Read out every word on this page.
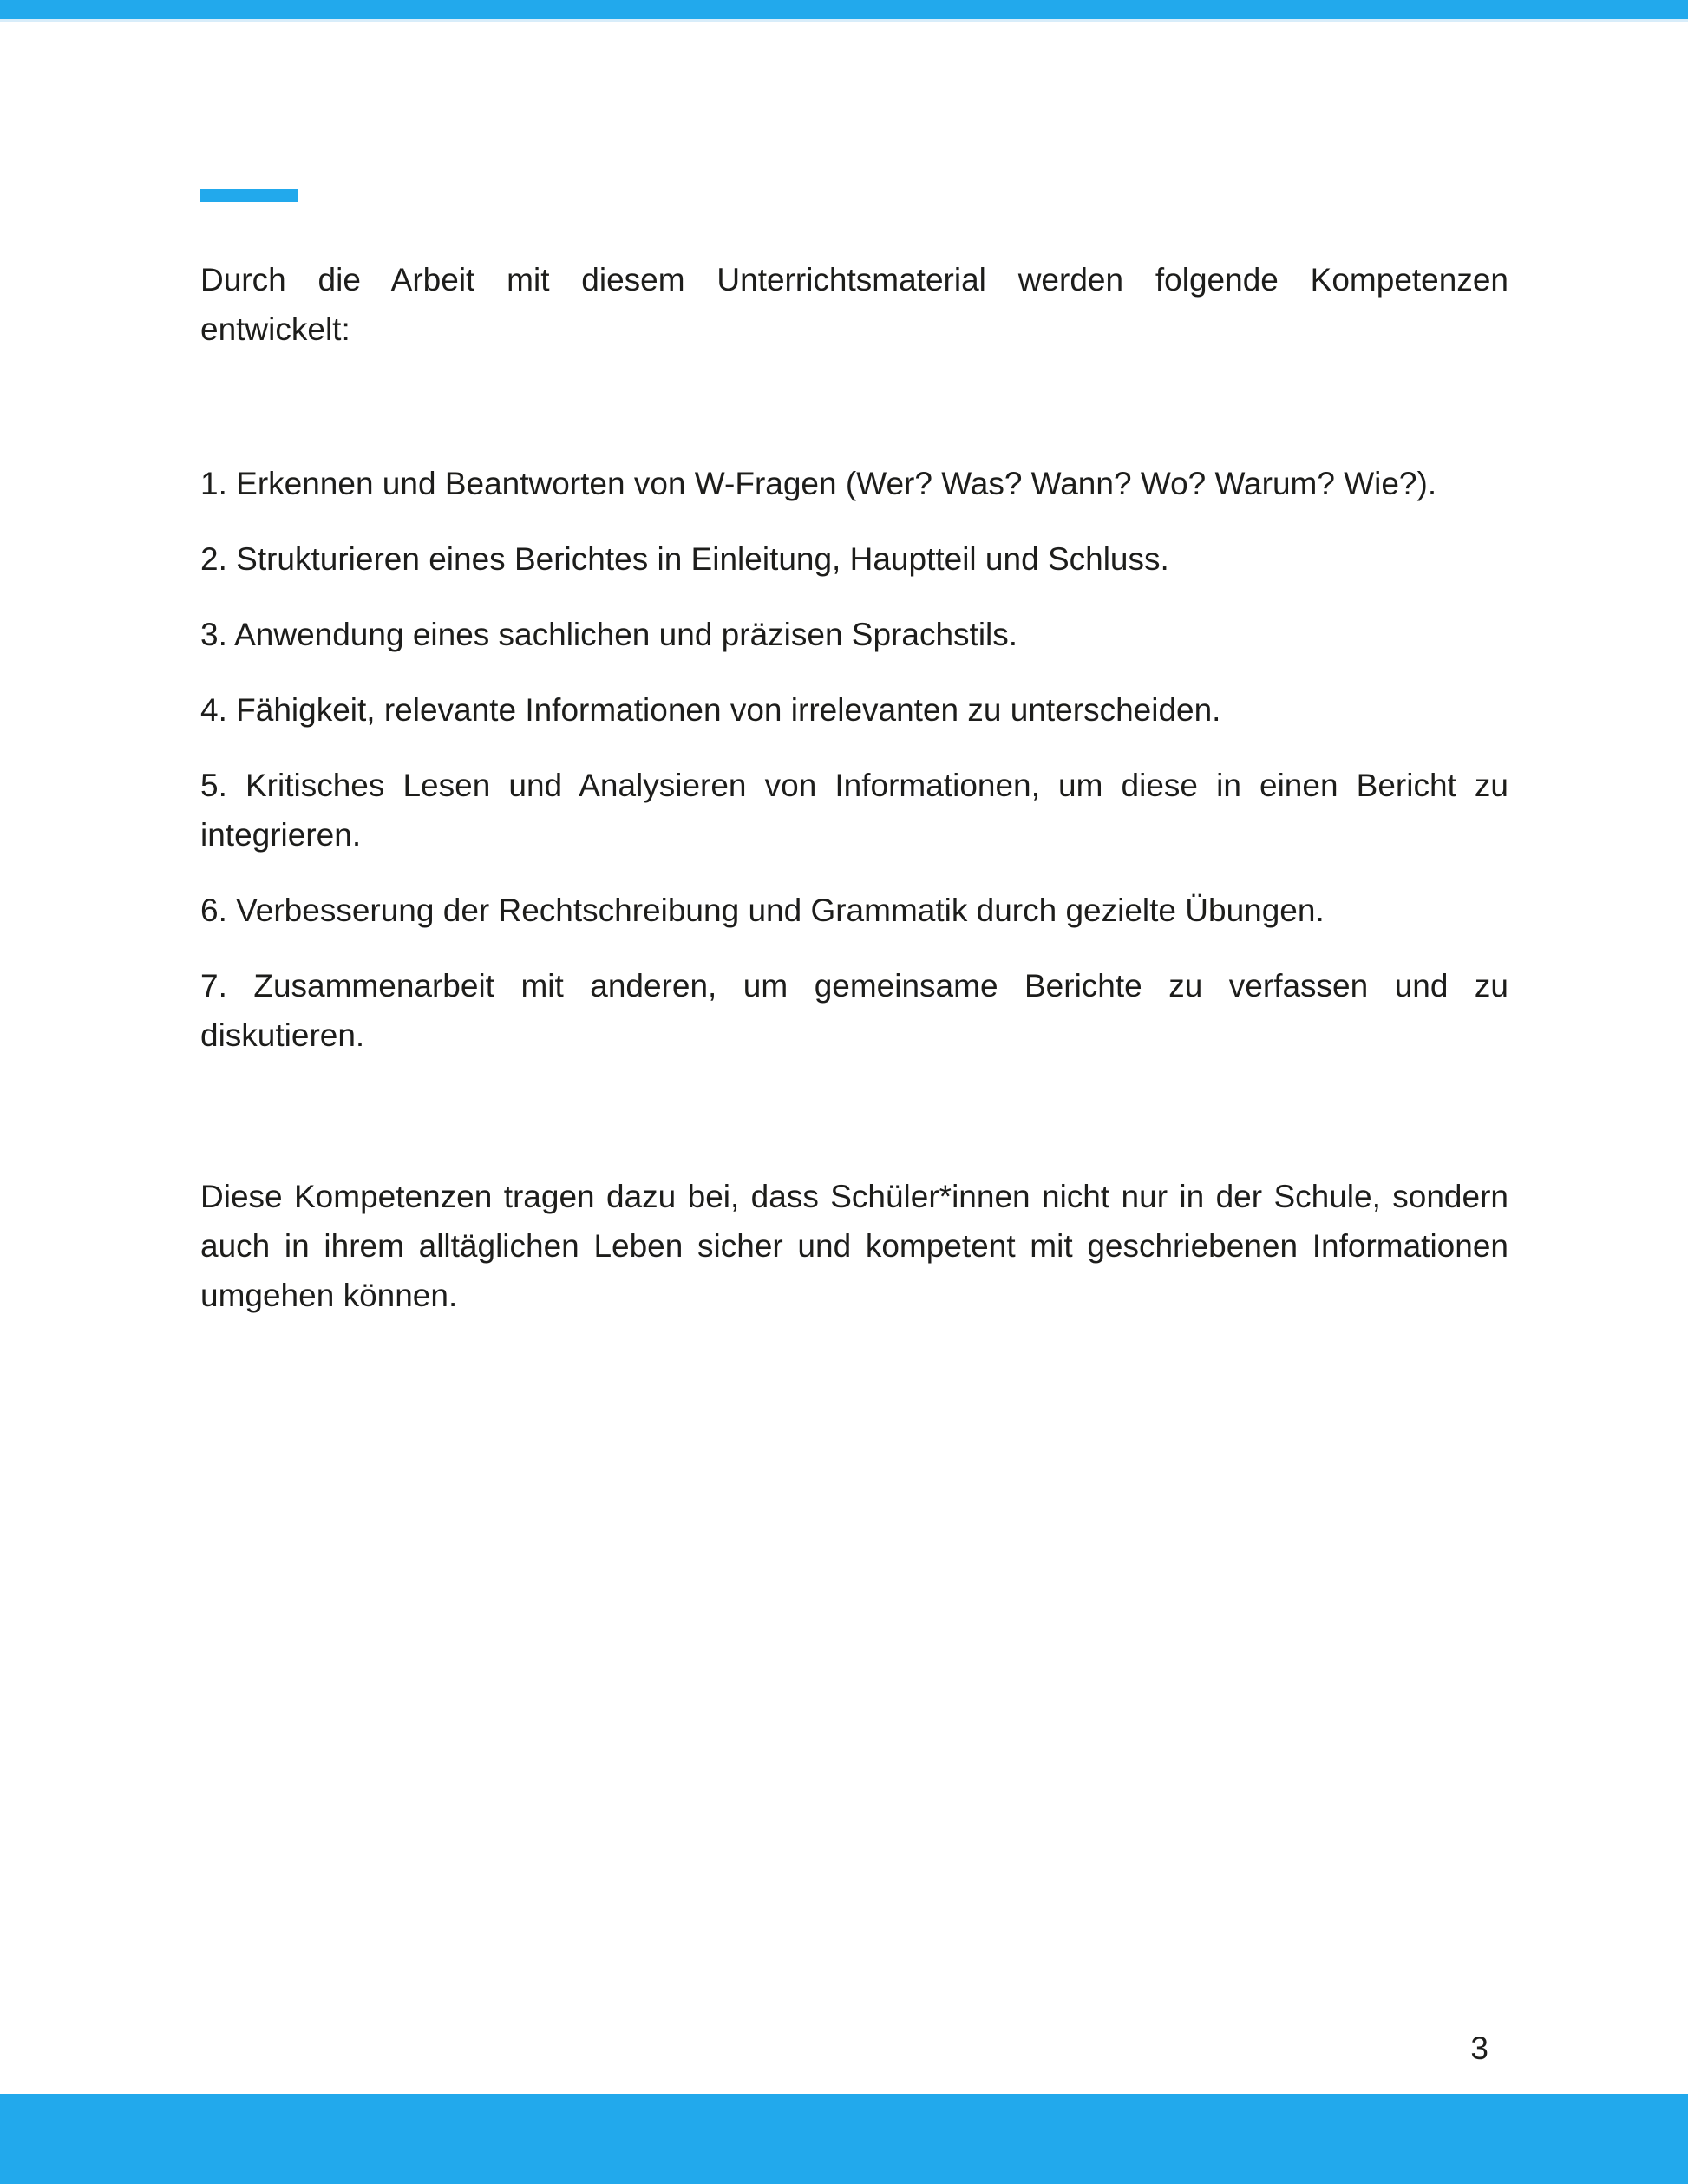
Durch die Arbeit mit diesem Unterrichtsmaterial werden folgende Kompetenzen
entwickelt:

1. Erkennen und Beantworten von W-Fragen (Wer? Was? Wann? Wo? Warum? Wie?).
2. Strukturieren eines Berichtes in Einleitung, Hauptteil und Schluss.
3. Anwendung eines sachlichen und präzisen Sprachstils.
4. Fähigkeit, relevante Informationen von irrelevanten zu unterscheiden.
5. Kritisches Lesen und Analysieren von Informationen, um diese in einen Bericht zu
integrieren.
6. Verbesserung der Rechtschreibung und Grammatik durch gezielte Übungen.
7. Zusammenarbeit mit anderen, um gemeinsame Berichte zu verfassen und zu
diskutieren.

Diese Kompetenzen tragen dazu bei, dass Schüler*innen nicht nur in der Schule, sondern
auch in ihrem alltäglichen Leben sicher und kompetent mit geschriebenen Informationen
umgehen können.

3
